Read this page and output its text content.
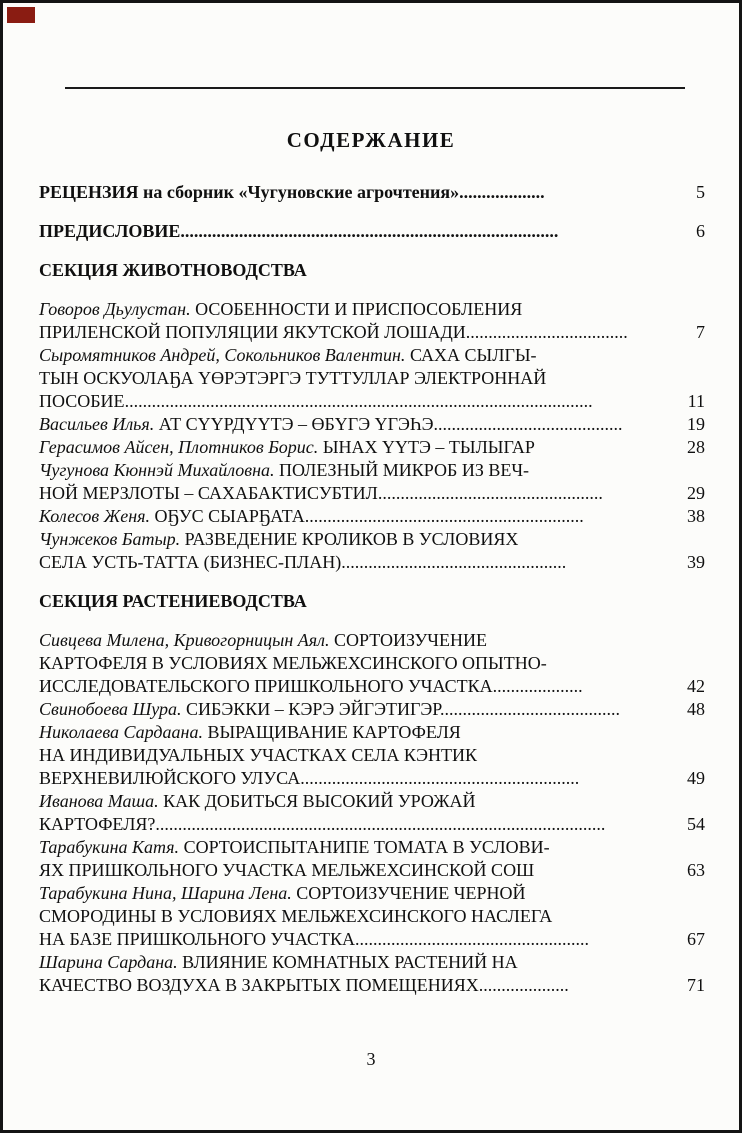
СОДЕРЖАНИЕ
РЕЦЕНЗИЯ на сборник «Чугуновские агрочтения»...................	5
ПРЕДИСЛОВИЕ....................................................................................	6
СЕКЦИЯ ЖИВОТНОВОДСТВА
Говоров Дьулустан. ОСОБЕННОСТИ И ПРИСПОСОБЛЕНИЯ
ПРИЛЕНСКОЙ ПОПУЛЯЦИИ ЯКУТСКОЙ ЛОШАДИ....................................	7
Сыромятников Андрей, Сокольников Валентин. САХА СЫЛГЫ-
ТЫН ОСКУОЛАҔА ҮӨРЭТЭРГЭ ТУТТУЛЛАР ЭЛЕКТРОННАЙ
ПОСОБИЕ........................................................................................................	11
Васильев Илья. АТ СҮҮРДҮҮТЭ – ӨБҮГЭ ҮГЭҺЭ..........................................	19
Герасимов Айсен, Плотников Борис. ЫНАХ ҮҮТЭ – ТЫЛЫГАР	28
Чугунова Кюннэй Михайловна. ПОЛЕЗНЫЙ МИКРОБ ИЗ ВЕЧ-
НОЙ МЕРЗЛОТЫ – САХАБАКТИСУБТИЛ..................................................	29
Колесов Женя. ОҔУС СЫАРҔАТА..............................................................	38
Чунжеков Батыр. РАЗВЕДЕНИЕ КРОЛИКОВ В УСЛОВИЯХ
СЕЛА УСТЬ-ТАТТА (БИЗНЕС-ПЛАН)..................................................	39
СЕКЦИЯ РАСТЕНИЕВОДСТВА
Сивцева Милена, Кривогорницын Аял. СОРТОИЗУЧЕНИЕ
КАРТОФЕЛЯ В УСЛОВИЯХ МЕЛЬЖЕХСИНСКОГО ОПЫТНО-
ИССЛЕДОВАТЕЛЬСКОГО ПРИШКОЛЬНОГО УЧАСТКА....................	42
Свинобоева Шура. СИБЭККИ – КЭРЭ ЭЙГЭТИГЭР........................................	48
Николаева Сардаана. ВЫРАЩИВАНИЕ КАРТОФЕЛЯ
НА ИНДИВИДУАЛЬНЫХ УЧАСТКАХ СЕЛА КЭНТИК
ВЕРХНЕВИЛЮЙСКОГО УЛУСА..............................................................	49
Иванова Маша. КАК ДОБИТЬСЯ ВЫСОКИЙ УРОЖАЙ
КАРТОФЕЛЯ?....................................................................................................	54
Тарабукина Катя. СОРТОИСПЫТАНИПЕ ТОМАТА В УСЛОВИ-
ЯХ ПРИШКОЛЬНОГО УЧАСТКА МЕЛЬЖЕХСИНСКОЙ СОШ	63
Тарабукина Нина, Шарина Лена. СОРТОИЗУЧЕНИЕ ЧЕРНОЙ
СМОРОДИНЫ В УСЛОВИЯХ МЕЛЬЖЕХСИНСКОГО НАСЛЕГА
НА БАЗЕ ПРИШКОЛЬНОГО УЧАСТКА....................................................	67
Шарина Сардана. ВЛИЯНИЕ КОМНАТНЫХ РАСТЕНИЙ НА
КАЧЕСТВО ВОЗДУХА В ЗАКРЫТЫХ ПОМЕЩЕНИЯХ....................	71
3
